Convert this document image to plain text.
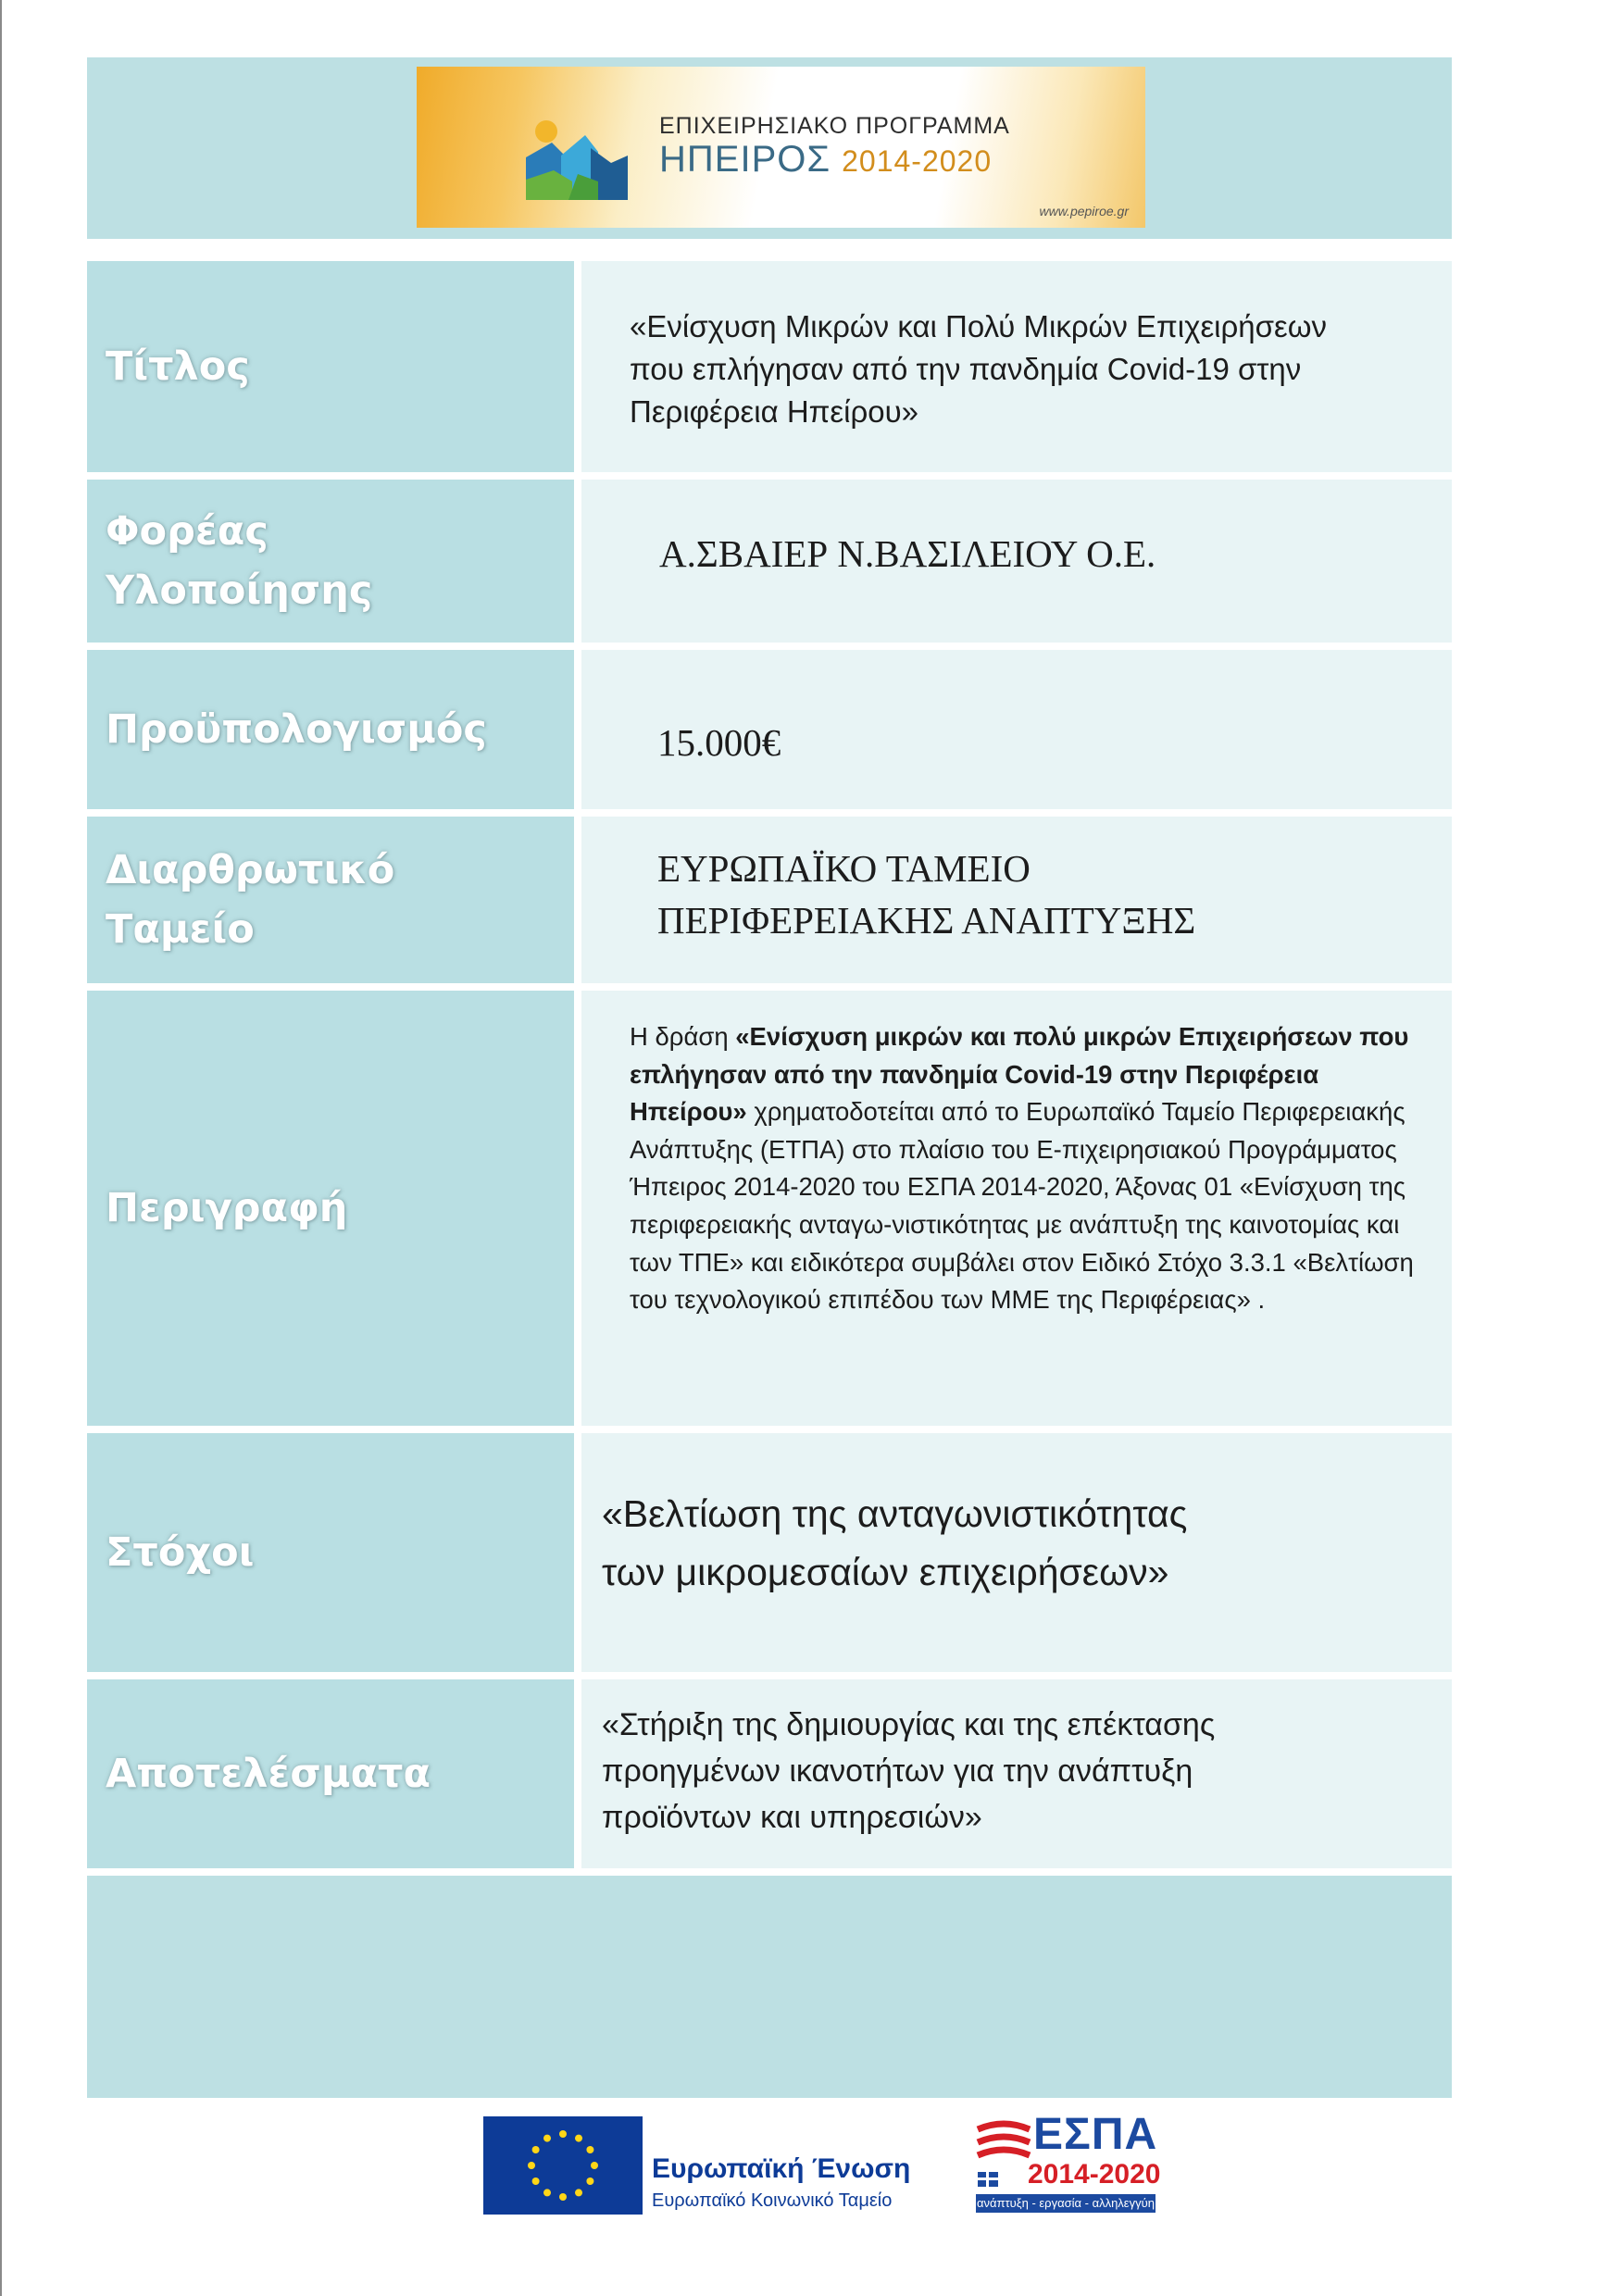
ΕΠΙΧΕΙΡΗΣΙΑΚΟ ΠΡΟΓΡΑΜΜΑ
ΗΠΕΙΡΟΣ 2014-2020
www.pepiroe.gr

Τίτλος

«Ενίσχυση Μικρών και Πολύ Μικρών Επιχειρήσεων
που επλήγησαν από την πανδημία Covid-19 στην
Περιφέρεια Ηπείρου»

Φορέας
Υλοποίησης

Α.ΣΒΑΙΕΡ Ν.ΒΑΣΙΛΕΙΟΥ Ο.Ε.

Προϋπολογισμός	15.000€

Διαρθρωτικό
Ταμείο

ΕΥΡΩΠΑΪΚΟ ΤΑΜΕΙΟ
ΠΕΡΙΦΕΡΕΙΑΚΗΣ ΑΝΑΠΤΥΞΗΣ

Περιγραφή

Η δράση «Ενίσχυση μικρών και πολύ μικρών Επιχειρήσεων που επλήγησαν από την πανδημία Covid-19 στην Περιφέρεια Ηπείρου» χρηματοδοτείται από το Ευρωπαϊκό Ταμείο Περιφερειακής Ανάπτυξης (ΕΤΠΑ) στο πλαίσιο του Ε-πιχειρησιακού Προγράμματος Ήπειρος 2014-2020 του ΕΣΠΑ 2014-2020, Άξονας 01 «Ενίσχυση της περιφερειακής ανταγω-νιστικότητας με ανάπτυξη της καινοτομίας και των ΤΠΕ» και ειδικότερα συμβάλει στον Ειδικό Στόχο 3.3.1 «Βελτίωση του τεχνολογικού επιπέδου των ΜΜΕ της Περιφέρειας» .

Στόχοι

«Βελτίωση της ανταγωνιστικότητας
των μικρομεσαίων επιχειρήσεων»

Αποτελέσματα

«Στήριξη της δημιουργίας και της επέκτασης
προηγμένων ικανοτήτων για την ανάπτυξη
προϊόντων και υπηρεσιών»

Ευρωπαϊκή Ένωση
Ευρωπαϊκό Κοινωνικό Ταμείο
ΕΣΠΑ
2014-2020
ανάπτυξη - εργασία - αλληλεγγύη
